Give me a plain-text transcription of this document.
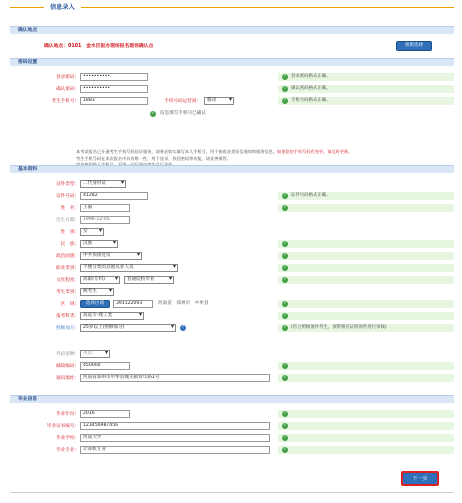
信息录入
确认地点
确认地点：0101　金水区报办现场报名现场确认点	重新选择
密码设置
登录密码:	••••••••••	✓ 登录密码格式正确。
确认密码:	••••••••••	✓ 确认密码格式正确。
考生手机号:	1883	手机号码运营商:	移动 ▾	✓ 手机号码格式正确。
✓ 信息填写手机号已确认
本考试报名已开通考生手机号码验证服务，请务必如实填写本人手机号，用于接收各类短信通知和服务信息。如果您的手机号码有变更，请及时更新。
考生手机号码在本次报名中具有唯一性，用于登录、找回密码等功能，请妥善保管。
基本资料
证件类型:	二代身份证 ▾
证件号码:	41282	✓ 证件号码格式正确。
姓　名:	王毅	✓
出生日期:	1996-12-05
性　别:	女 ▾
民　族:	汉族 ▾	✓
政治面貌:	中共预备党员 ▾	✓
职业类别:	不便分类的其他从业人员 ▾	✓
文化程度:	高职(专科) ▾	普通院校毕业 ▾	✓
考生类别:	统考生 ▾
区　域:	选择区域	391122003	河南省　郑州市　中牟县	✓
报考科类:	高起专-理工类 ▾	✓
照顾加分:	25岁以上(照顾加分) ▾	?	✓ (符合照顾条件考生，须带相应证明原件进行审核)
外语语种:	英语 ▾
邮政编码:	450000	✓
通讯地址:	河南省郑州市中牟县城关镇青年路1号	✓
毕业信息
毕业年份:	2016	✓
毕业证书编号:	123456987456	✓
毕业学校:	河南大学	✓
毕业专业:	计算机专业	✓
下一步
